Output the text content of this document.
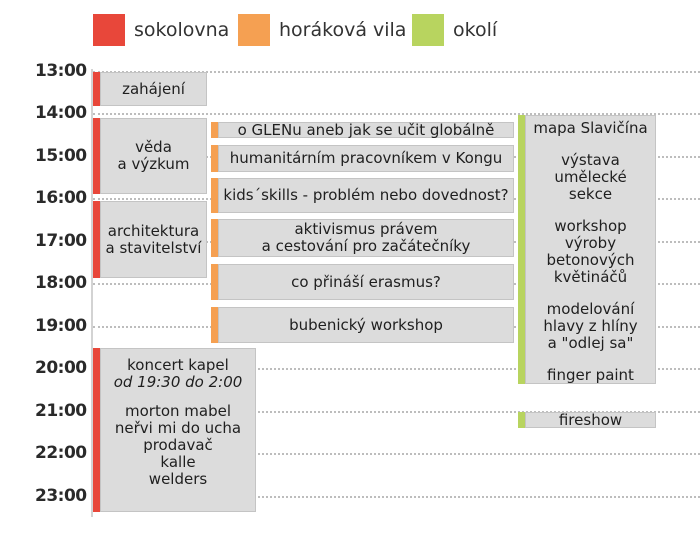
sokolovna	horáková vila okolí
13:00
14:00
15:00
16:00
17:00
18:00
19:00
20:00
21:00
22:00
23:00
zahájení
věda
a výzkum
architektura
a stavitelství
koncert kapel
od 19:30 do 2:00
morton mabel
neřvi mi do ucha
prodavač
kalle
welders
o GLENu aneb jak se učit globálně
humanitárním pracovníkem v Kongu
kids´skills - problém nebo dovednost?
aktivismus právem
a cestování pro začátečníky
co přináší erasmus?
bubenický workshop
mapa Slavičína
výstava
umělecké
sekce
workshop
výroby
betonových
květináčů
modelování
hlavy z hlíny
a "odlej sa"
finger paint
fireshow
